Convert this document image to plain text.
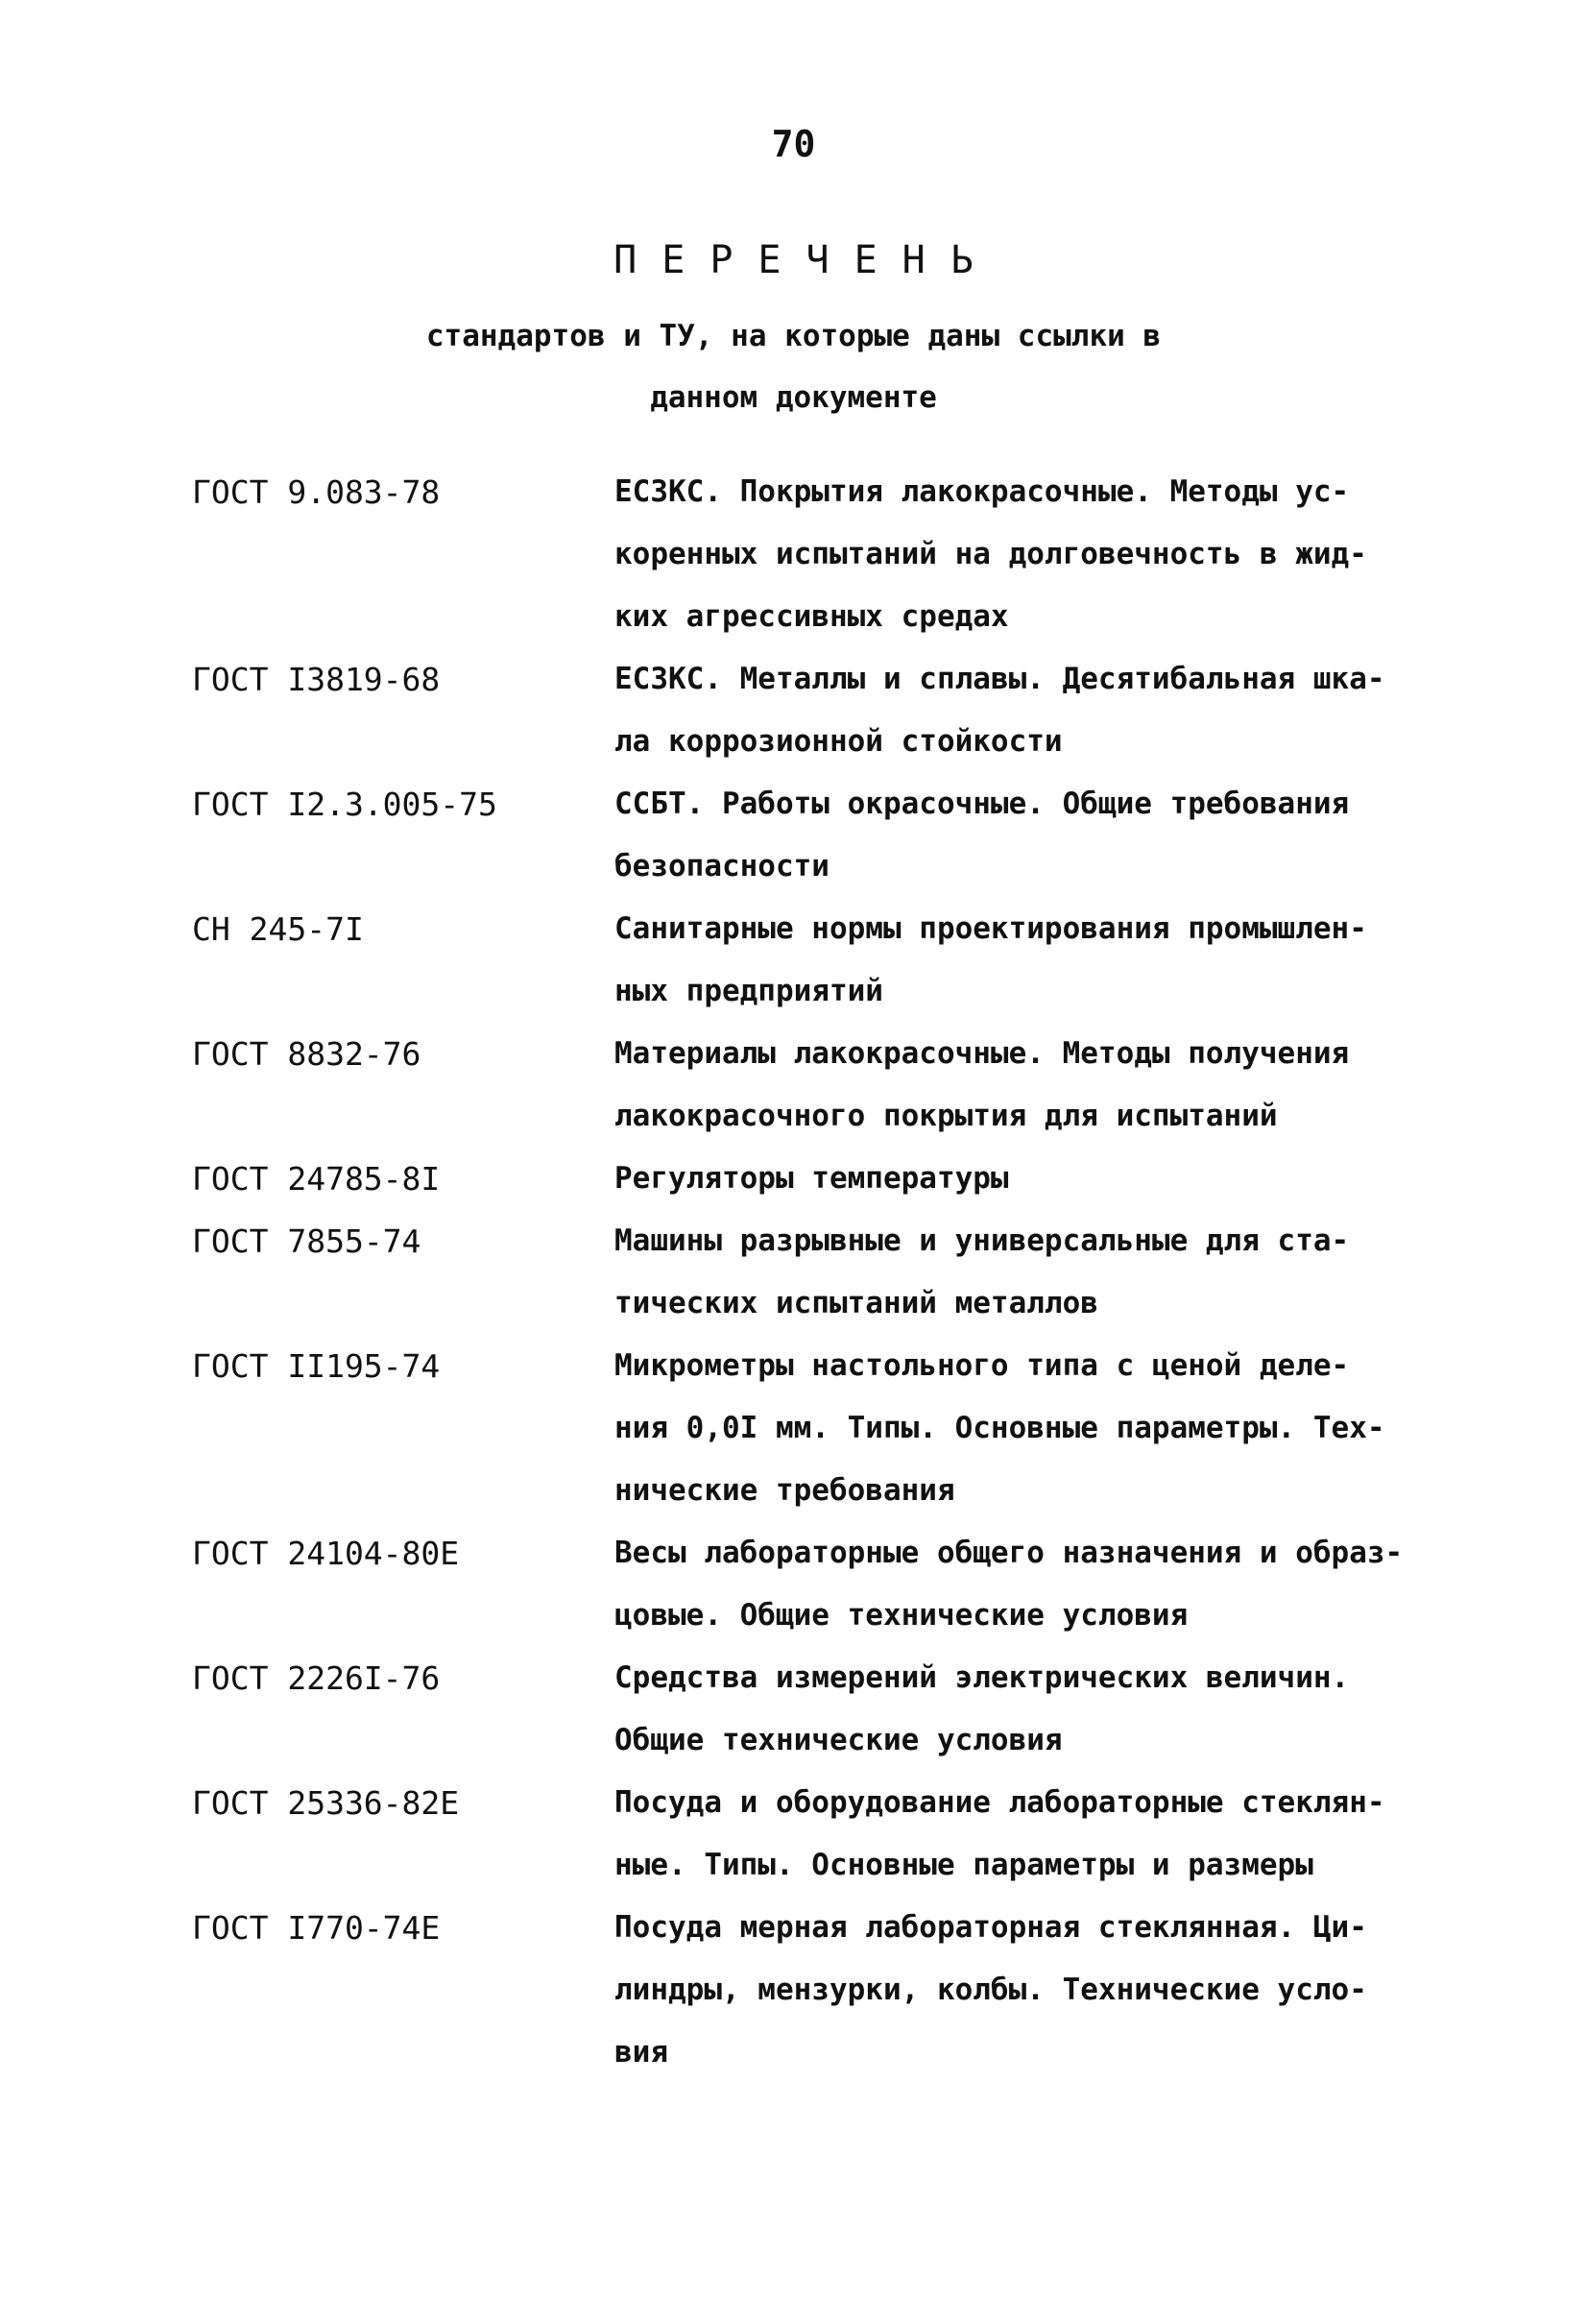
70
ПЕРЕЧЕНЬ
стандартов и ТУ, на которые даны ссылки в
данном документе
ГОСТ 9.083-78	ЕСЗКС. Покрытия лакокрасочные. Методы ус-
коренных испытаний на долговечность в жид-
ких агрессивных средах
ГОСТ I3819-68	ЕСЗКС. Металлы и сплавы. Десятибальная шка-
ла коррозионной стойкости
ГОСТ I2.3.005-75	ССБТ. Работы окрасочные. Общие требования
безопасности
СН 245-7I	Санитарные нормы проектирования промышлен-
ных предприятий
ГОСТ 8832-76	Материалы лакокрасочные. Методы получения
лакокрасочного покрытия для испытаний
ГОСТ 24785-8I	Регуляторы температуры
ГОСТ 7855-74	Машины разрывные и универсальные для ста-
тических испытаний металлов
ГОСТ II195-74	Микрометры настольного типа с ценой деле-
ния 0,0I мм. Типы. Основные параметры. Тех-
нические требования
ГОСТ 24104-80Е	Весы лабораторные общего назначения и образ-
цовые. Общие технические условия
ГОСТ 2226I-76	Средства измерений электрических величин.
Общие технические условия
ГОСТ 25336-82Е	Посуда и оборудование лабораторные стеклян-
ные. Типы. Основные параметры и размеры
ГОСТ I770-74Е	Посуда мерная лабораторная стеклянная. Ци-
линдры, мензурки, колбы. Технические усло-
вия
